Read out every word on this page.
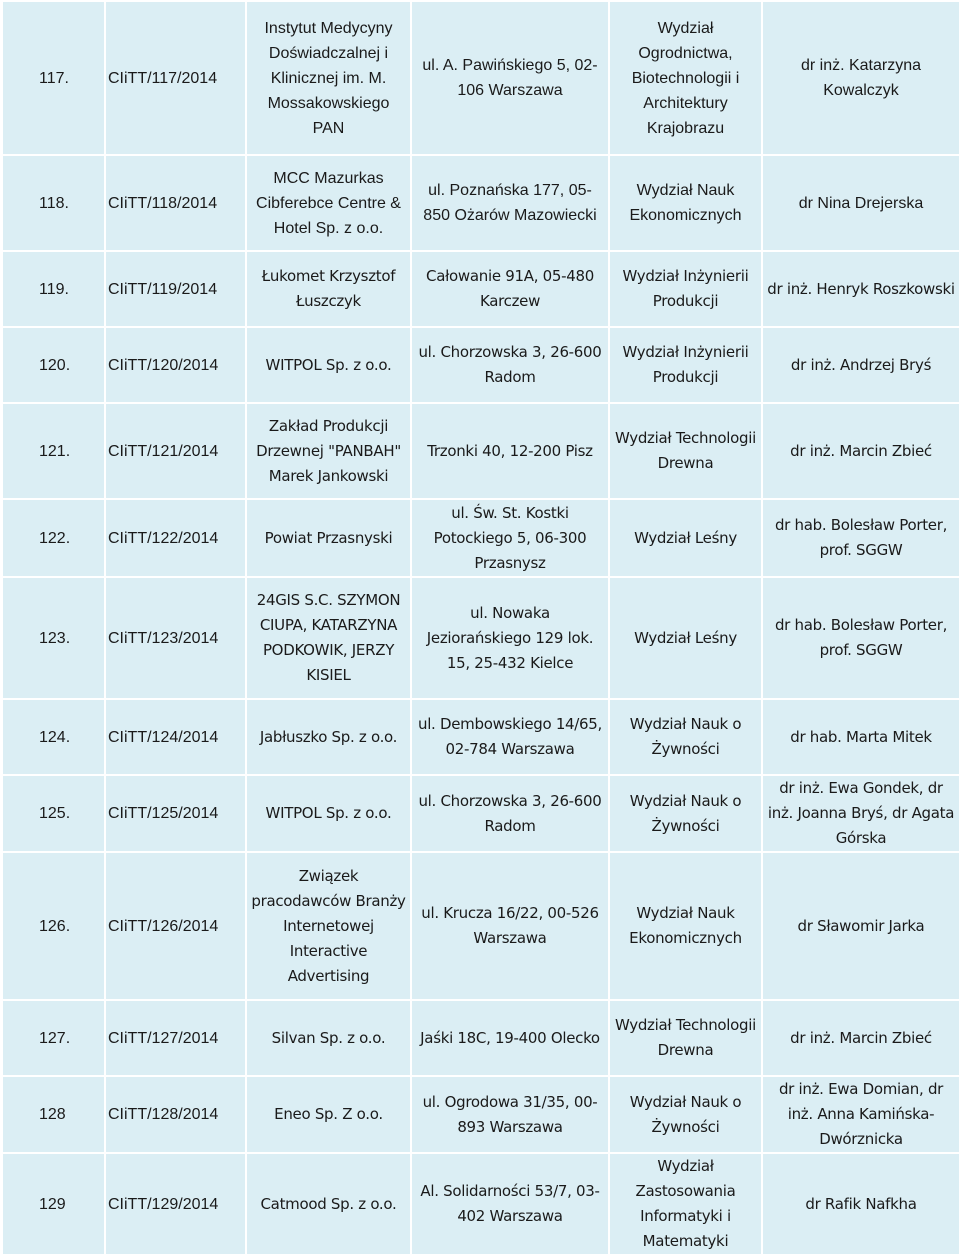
117.	CIiTT/117/2014	Instytut Medycyny Doświadczalnej i Klinicznej im. M. Mossakowskiego PAN	ul. A. Pawińskiego 5, 02-106 Warszawa	Wydział Ogrodnictwa, Biotechnologii i Architektury Krajobrazu	dr inż. Katarzyna Kowalczyk
118.	CIiTT/118/2014	MCC Mazurkas Cibferebce Centre & Hotel Sp. z o.o.	ul. Poznańska 177, 05-850 Ożarów Mazowiecki	Wydział Nauk Ekonomicznych	dr Nina Drejerska
119.	CIiTT/119/2014	Łukomet Krzysztof Łuszczyk	Całowanie 91A, 05-480 Karczew	Wydział Inżynierii Produkcji	dr inż. Henryk Roszkowski
120.	CIiTT/120/2014	WITPOL Sp. z o.o.	ul. Chorzowska 3, 26-600 Radom	Wydział Inżynierii Produkcji	dr inż. Andrzej Bryś
121.	CIiTT/121/2014	Zakład Produkcji Drzewnej "PANBAH" Marek Jankowski	Trzonki 40, 12-200 Pisz	Wydział Technologii Drewna	dr inż. Marcin Zbieć
122.	CIiTT/122/2014	Powiat Przasnyski	ul. Św. St. Kostki Potockiego 5, 06-300 Przasnysz	Wydział Leśny	dr hab. Bolesław Porter, prof. SGGW
123.	CIiTT/123/2014	24GIS S.C. SZYMON CIUPA, KATARZYNA PODKOWIK, JERZY KISIEL	ul. Nowaka Jeziorańskiego 129 lok. 15, 25-432 Kielce	Wydział Leśny	dr hab. Bolesław Porter, prof. SGGW
124.	CIiTT/124/2014	Jabłuszko Sp. z o.o.	ul. Dembowskiego 14/65, 02-784 Warszawa	Wydział Nauk o Żywności	dr hab. Marta Mitek
125.	CIiTT/125/2014	WITPOL Sp. z o.o.	ul. Chorzowska 3, 26-600 Radom	Wydział Nauk o Żywności	dr inż. Ewa Gondek, dr inż. Joanna Bryś, dr Agata Górska
126.	CIiTT/126/2014	Związek pracodawców Branży Internetowej Interactive Advertising	ul. Krucza 16/22, 00-526 Warszawa	Wydział Nauk Ekonomicznych	dr Sławomir Jarka
127.	CIiTT/127/2014	Silvan Sp. z o.o.	Jaśki 18C, 19-400 Olecko	Wydział Technologii Drewna	dr inż. Marcin Zbieć
128	CIiTT/128/2014	Eneo Sp. Z o.o.	ul. Ogrodowa 31/35, 00-893 Warszawa	Wydział Nauk o Żywności	dr inż. Ewa Domian, dr inż. Anna Kamińska-Dwórznicka
129	CIiTT/129/2014	Catmood Sp. z o.o.	Al. Solidarności 53/7, 03-402 Warszawa	Wydział Zastosowania Informatyki i Matematyki	dr Rafik Nafkha
